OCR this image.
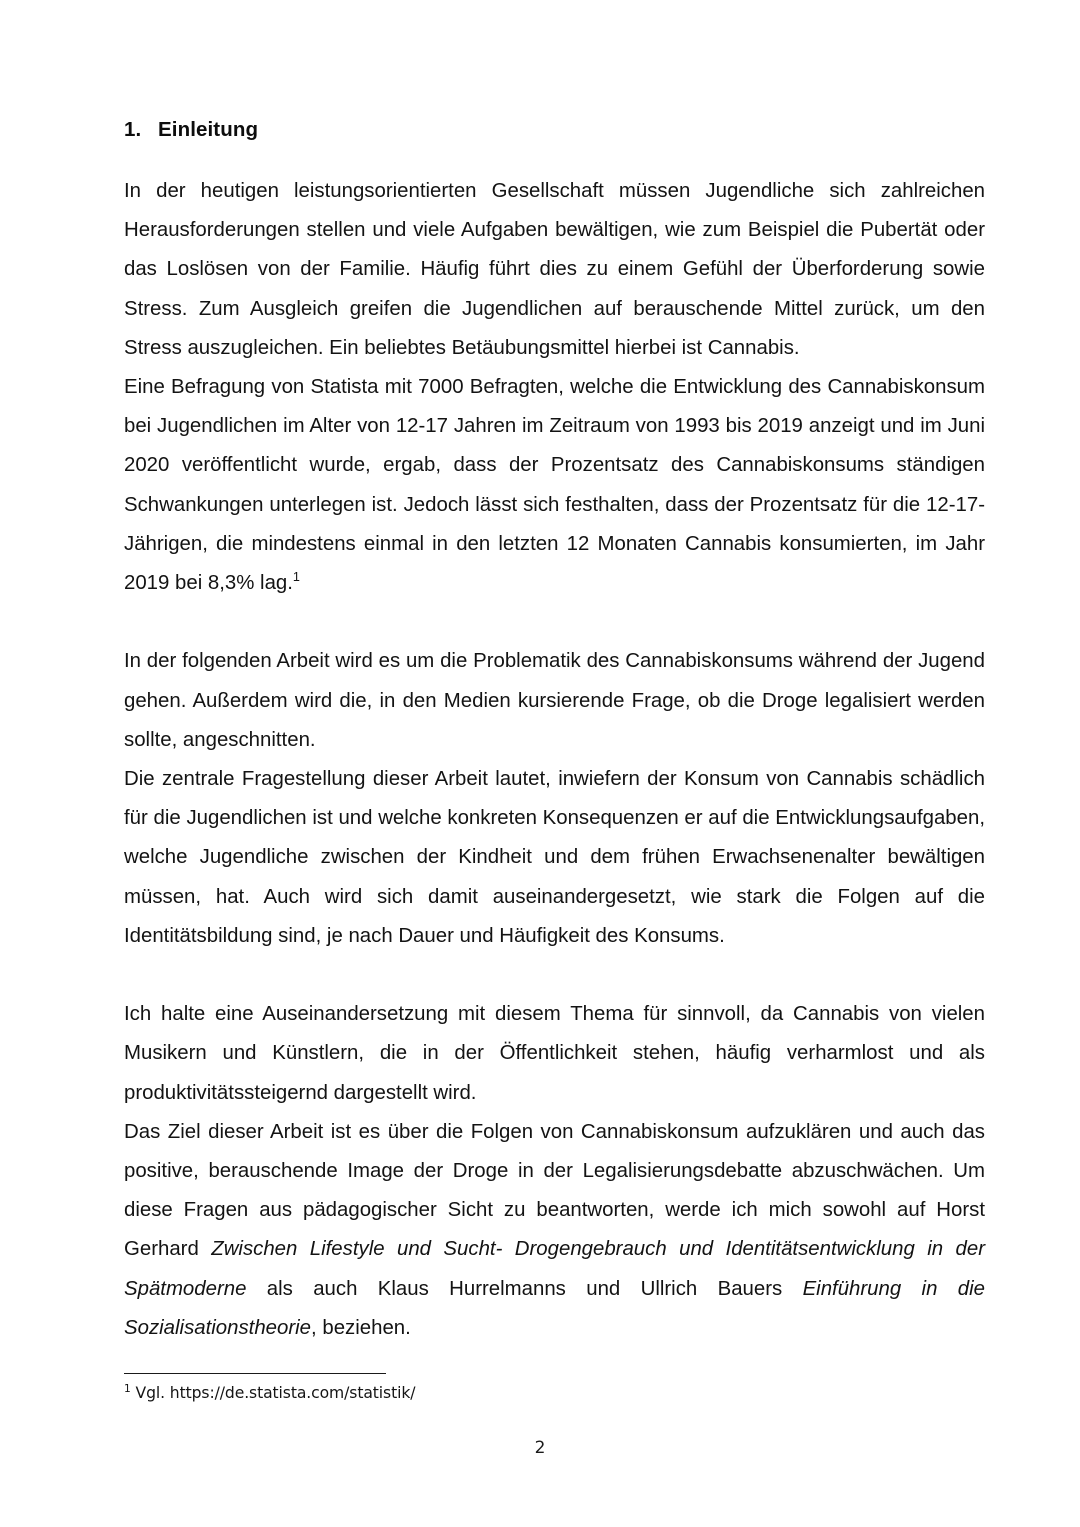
1. Einleitung

In der heutigen leistungsorientierten Gesellschaft müssen Jugendliche sich zahlreichen Herausforderungen stellen und viele Aufgaben bewältigen, wie zum Beispiel die Pubertät oder das Loslösen von der Familie. Häufig führt dies zu einem Gefühl der Überforderung sowie Stress. Zum Ausgleich greifen die Jugendlichen auf berauschende Mittel zurück, um den Stress auszugleichen. Ein beliebtes Betäubungsmittel hierbei ist Cannabis.

Eine Befragung von Statista mit 7000 Befragten, welche die Entwicklung des Cannabiskonsum bei Jugendlichen im Alter von 12-17 Jahren im Zeitraum von 1993 bis 2019 anzeigt und im Juni 2020 veröffentlicht wurde, ergab, dass der Prozentsatz des Cannabiskonsums ständigen Schwankungen unterlegen ist. Jedoch lässt sich festhalten, dass der Prozentsatz für die 12-17-Jährigen, die mindestens einmal in den letzten 12 Monaten Cannabis konsumierten, im Jahr 2019 bei 8,3% lag.$^1$

In der folgenden Arbeit wird es um die Problematik des Cannabiskonsums während der Jugend gehen. Außerdem wird die, in den Medien kursierende Frage, ob die Droge legalisiert werden sollte, angeschnitten.

Die zentrale Fragestellung dieser Arbeit lautet, inwiefern der Konsum von Cannabis schädlich für die Jugendlichen ist und welche konkreten Konsequenzen er auf die Entwicklungsaufgaben, welche Jugendliche zwischen der Kindheit und dem frühen Erwachsenenalter bewältigen müssen, hat. Auch wird sich damit auseinandergesetzt, wie stark die Folgen auf die Identitätsbildung sind, je nach Dauer und Häufigkeit des Konsums.

Ich halte eine Auseinandersetzung mit diesem Thema für sinnvoll, da Cannabis von vielen Musikern und Künstlern, die in der Öffentlichkeit stehen, häufig verharmlost und als produktivitätssteigernd dargestellt wird.

Das Ziel dieser Arbeit ist es über die Folgen von Cannabiskonsum aufzuklären und auch das positive, berauschende Image der Droge in der Legalisierungsdebatte abzuschwächen. Um diese Fragen aus pädagogischer Sicht zu beantworten, werde ich mich sowohl auf Horst Gerhard Zwischen Lifestyle und Sucht- Drogengebrauch und Identitätsentwicklung in der Spätmoderne als auch Klaus Hurrelmanns und Ullrich Bauers Einführung in die Sozialisationstheorie, beziehen.

$^1$ Vgl. https://de.statista.com/statistik/

2
